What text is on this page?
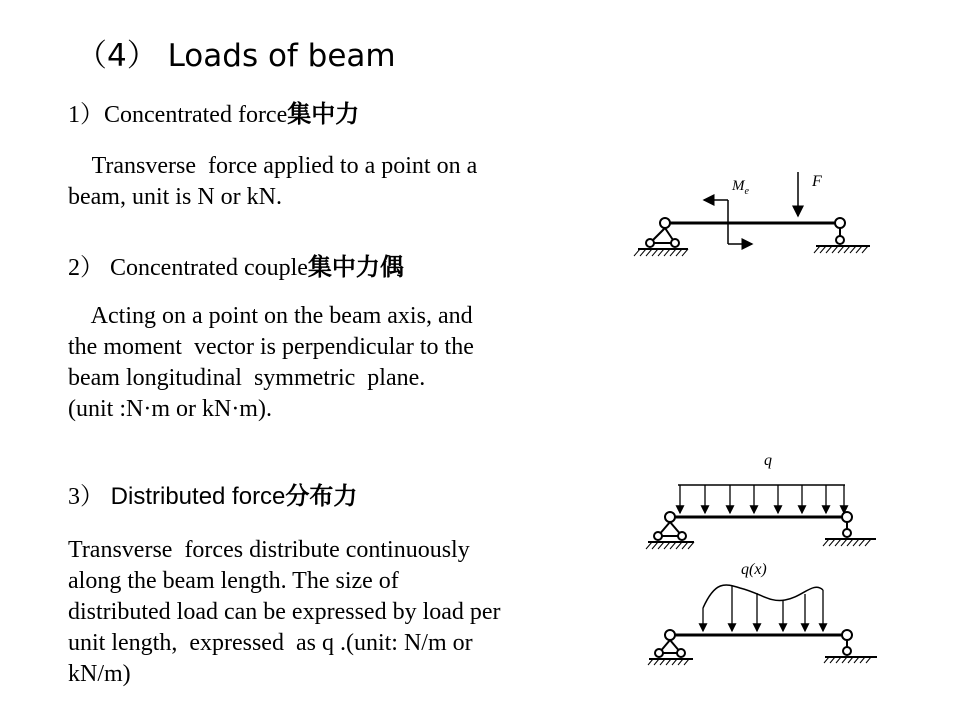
（4） Loads of beam
1）Concentrated force集中力
Transverse  force applied to a point on a
beam, unit is N or kN.
2） Concentrated couple集中力偶
Acting on a point on the beam axis, and
the moment  vector is perpendicular to the
beam longitudinal  symmetric  plane.
(unit :N·m or kN·m).
3） Distributed force分布力
Transverse  forces distribute continuously
along the beam length. The size of
distributed load can be expressed by load per
unit length,  expressed  as q .(unit: N/m or
kN/m)
$M_e$
F
q
q(x)
